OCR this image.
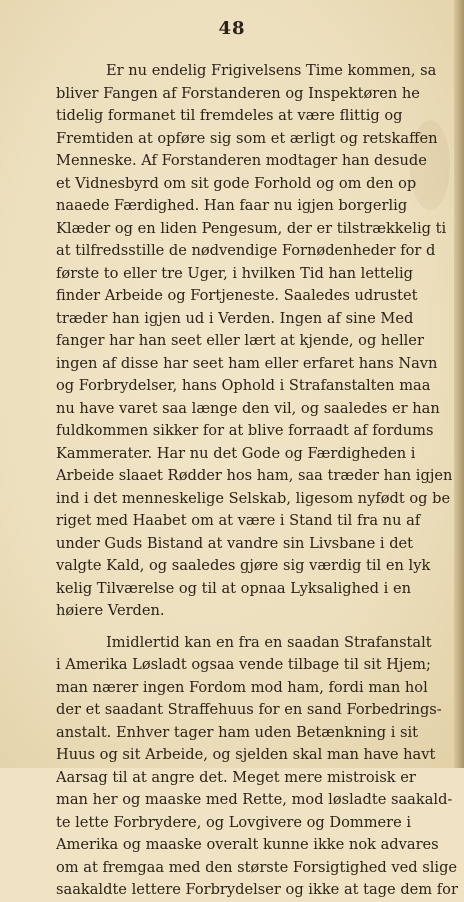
48
Er nu endelig Frigivelsens Time kommen, sa
bliver Fangen af Forstanderen og Inspektøren he
tidelig formanet til fremdeles at være flittig og
Fremtiden at opføre sig som et ærligt og retskaffen
Menneske. Af Forstanderen modtager han desude
et Vidnesbyrd om sit gode Forhold og om den op
naaede Færdighed. Han faar nu igjen borgerlig
Klæder og en liden Pengesum, der er tilstrækkelig ti
at tilfredsstille de nødvendige Fornødenheder for d
første to eller tre Uger, i hvilken Tid han lettelig
finder Arbeide og Fortjeneste. Saaledes udrustet
træder han igjen ud i Verden. Ingen af sine Med
fanger har han seet eller lært at kjende, og heller
ingen af disse har seet ham eller erfaret hans Navn
og Forbrydelser, hans Ophold i Strafanstalten maa
nu have varet saa længe den vil, og saaledes er han
fuldkommen sikker for at blive forraadt af fordums
Kammerater. Har nu det Gode og Færdigheden i
Arbeide slaaet Rødder hos ham, saa træder han igjen
ind i det menneskelige Selskab, ligesom nyfødt og be
riget med Haabet om at være i Stand til fra nu af
under Guds Bistand at vandre sin Livsbane i det
valgte Kald, og saaledes gjøre sig værdig til en lyk
kelig Tilværelse og til at opnaa Lyksalighed i en
høiere Verden.
Imidlertid kan en fra en saadan Strafanstalt
i Amerika Løsladt ogsaa vende tilbage til sit Hjem;
man nærer ingen Fordom mod ham, fordi man hol
der et saadant Straffehuus for en sand Forbedrings-
anstalt. Enhver tager ham uden Betænkning i sit
Huus og sit Arbeide, og sjelden skal man have havt
Aarsag til at angre det. Meget mere mistroisk er
man her og maaske med Rette, mod løsladte saakald-
te lette Forbrydere, og Lovgivere og Dommere i
Amerika og maaske overalt kunne ikke nok advares
om at fremgaa med den største Forsigtighed ved slige
saakaldte lettere Forbrydelser og ikke at tage dem for
